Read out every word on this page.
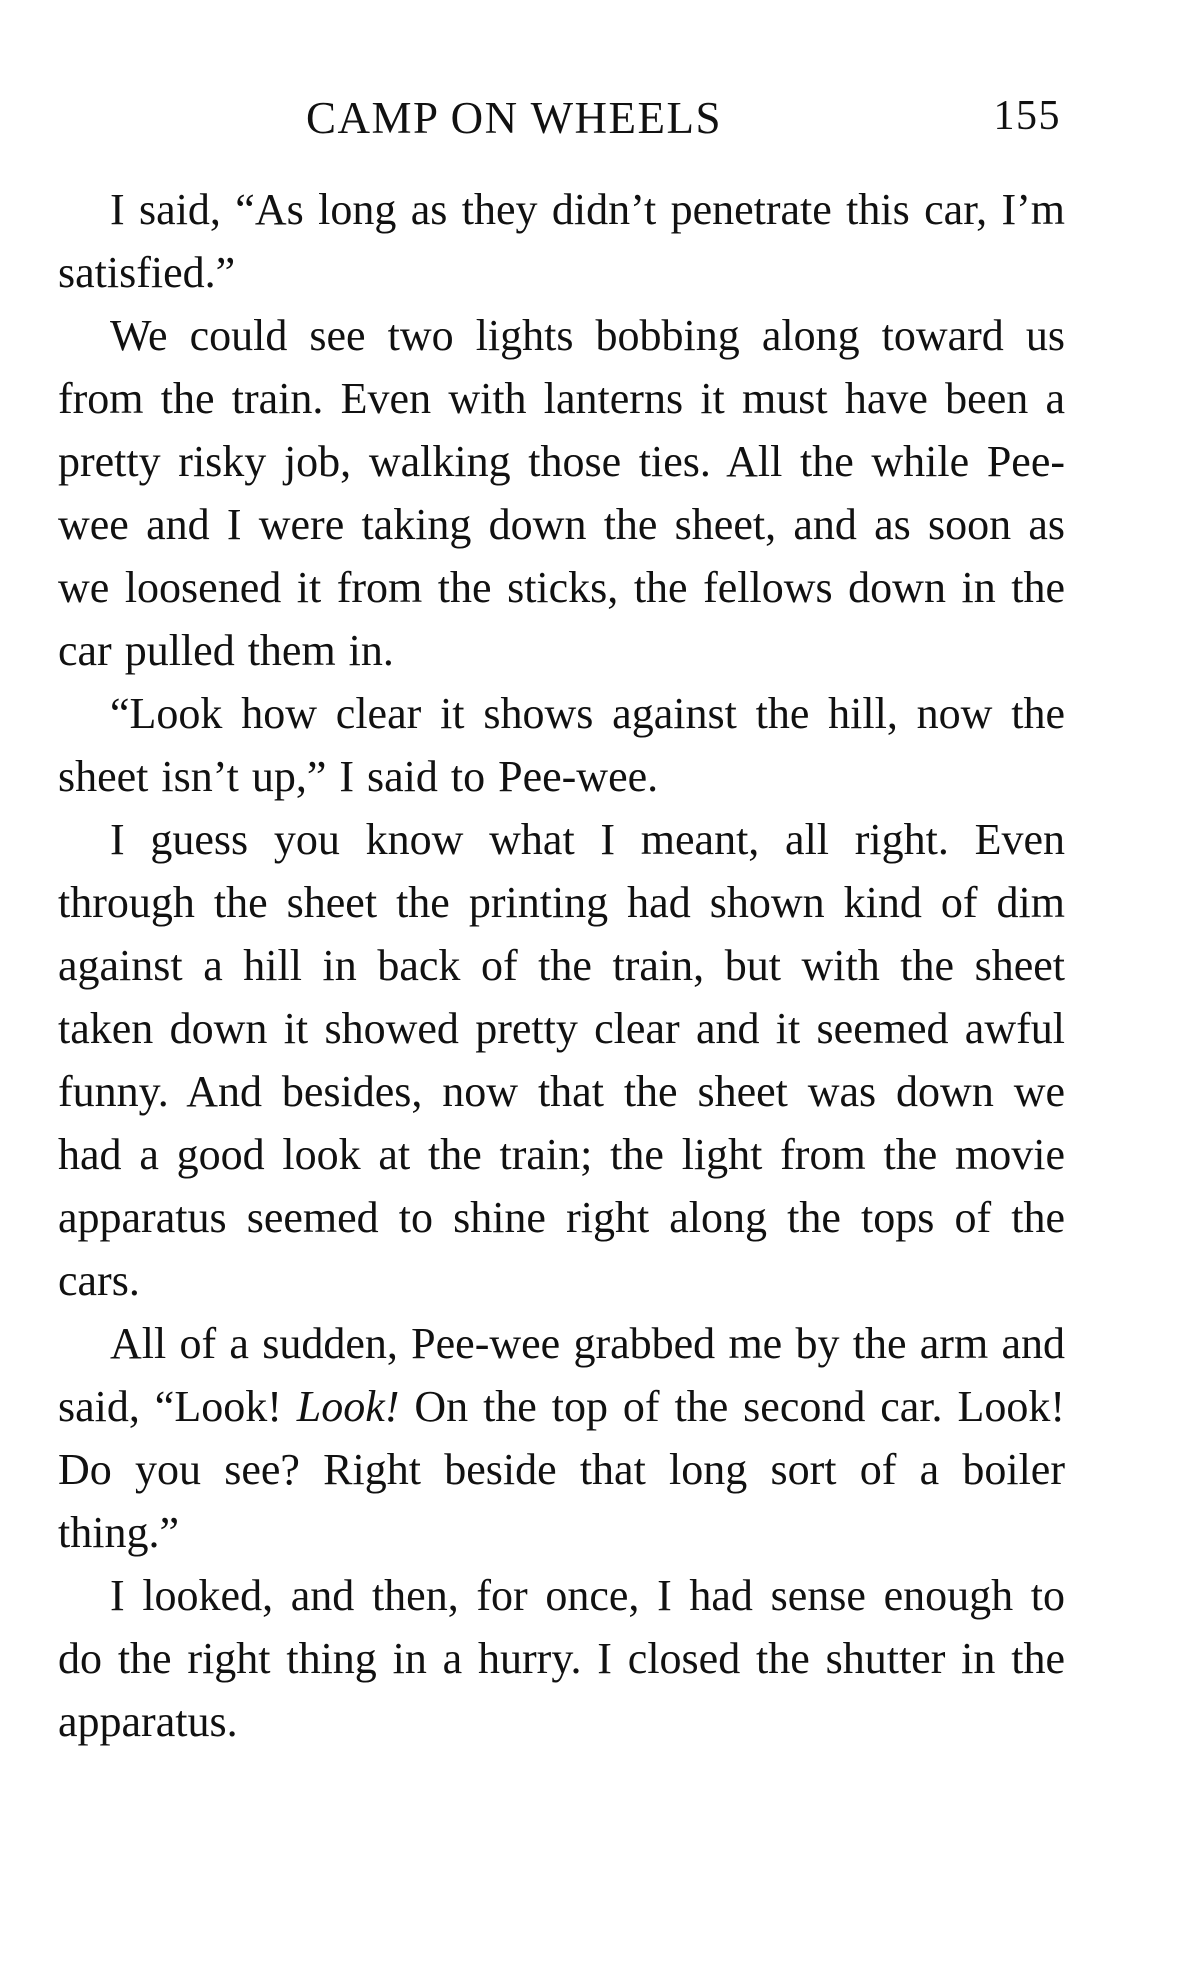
CAMP ON WHEELS	155

I said, “As long as they didn’t penetrate this car, I’m satisfied.”

We could see two lights bobbing along toward us from the train. Even with lanterns it must have been a pretty risky job, walking those ties. All the while Pee-wee and I were taking down the sheet, and as soon as we loosened it from the sticks, the fellows down in the car pulled them in.

“Look how clear it shows against the hill, now the sheet isn’t up,” I said to Pee-wee.

I guess you know what I meant, all right. Even through the sheet the printing had shown kind of dim against a hill in back of the train, but with the sheet taken down it showed pretty clear and it seemed awful funny. And besides, now that the sheet was down we had a good look at the train; the light from the movie apparatus seemed to shine right along the tops of the cars.

All of a sudden, Pee-wee grabbed me by the arm and said, “Look! Look! On the top of the second car. Look! Do you see? Right beside that long sort of a boiler thing.”

I looked, and then, for once, I had sense enough to do the right thing in a hurry. I closed the shutter in the apparatus.
